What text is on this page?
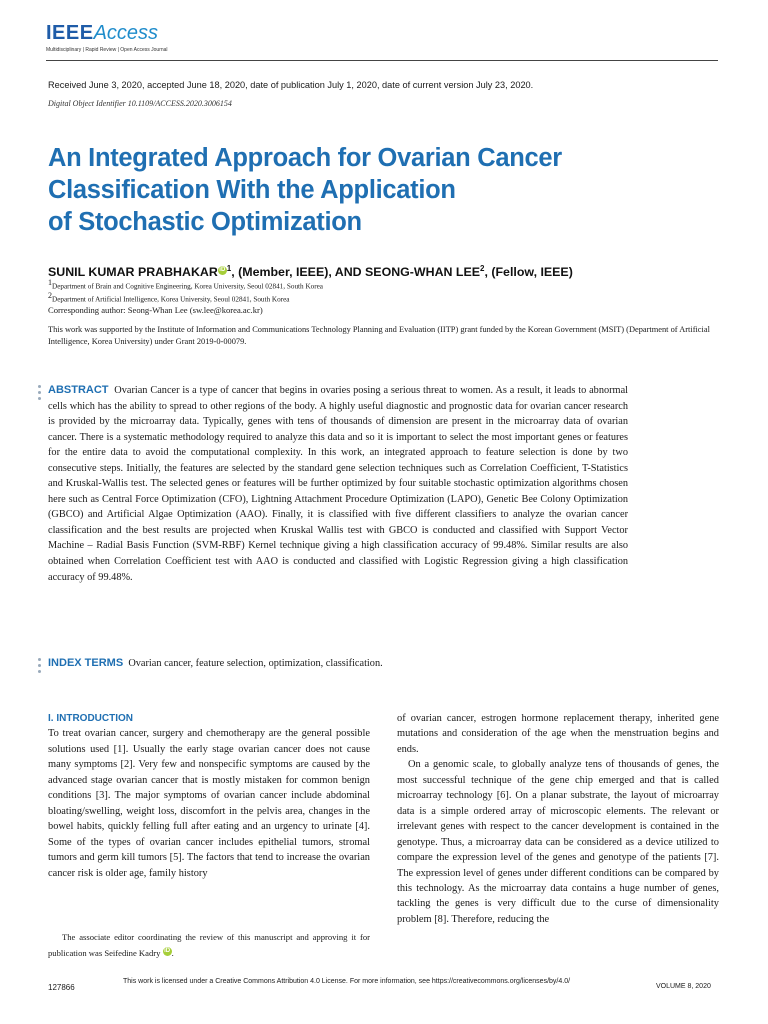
IEEEAccess
Multidisciplinary | Rapid Review | Open Access Journal
Received June 3, 2020, accepted June 18, 2020, date of publication July 1, 2020, date of current version July 23, 2020.
Digital Object Identifier 10.1109/ACCESS.2020.3006154
An Integrated Approach for Ovarian Cancer
Classification With the Application
of Stochastic Optimization
SUNIL KUMAR PRABHAKAR iD $^1$, (Member, IEEE), AND SEONG-WHAN LEE$^2$, (Fellow, IEEE)
$^1$Department of Brain and Cognitive Engineering, Korea University, Seoul 02841, South Korea
$^2$Department of Artificial Intelligence, Korea University, Seoul 02841, South Korea
Corresponding author: Seong-Whan Lee (sw.lee@korea.ac.kr)
This work was supported by the Institute of Information and Communications Technology Planning and Evaluation (IITP) grant funded by the Korean Government (MSIT) (Department of Artificial Intelligence, Korea University) under Grant 2019-0-00079.
ABSTRACT Ovarian Cancer is a type of cancer that begins in ovaries posing a serious threat to women. As a result, it leads to abnormal cells which has the ability to spread to other regions of the body. A highly useful diagnostic and prognostic data for ovarian cancer research is provided by the microarray data. Typically, genes with tens of thousands of dimension are present in the microarray data of ovarian cancer. There is a systematic methodology required to analyze this data and so it is important to select the most important genes or features for the entire data to avoid the computational complexity. In this work, an integrated approach to feature selection is done by two consecutive steps. Initially, the features are selected by the standard gene selection techniques such as Correlation Coefficient, T-Statistics and Kruskal-Wallis test. The selected genes or features will be further optimized by four suitable stochastic optimization algorithms chosen here such as Central Force Optimization (CFO), Lightning Attachment Procedure Optimization (LAPO), Genetic Bee Colony Optimization (GBCO) and Artificial Algae Optimization (AAO). Finally, it is classified with five different classifiers to analyze the ovarian cancer classification and the best results are projected when Kruskal Wallis test with GBCO is conducted and classified with Support Vector Machine – Radial Basis Function (SVM-RBF) Kernel technique giving a high classification accuracy of 99.48%. Similar results are also obtained when Correlation Coefficient test with AAO is conducted and classified with Logistic Regression giving a high classification accuracy of 99.48%.
INDEX TERMS Ovarian cancer, feature selection, optimization, classification.
I. INTRODUCTION
To treat ovarian cancer, surgery and chemotherapy are the general possible solutions used [1]. Usually the early stage ovarian cancer does not cause many symptoms [2]. Very few and nonspecific symptoms are caused by the advanced stage ovarian cancer that is mostly mistaken for common benign conditions [3]. The major symptoms of ovarian cancer include abdominal bloating/swelling, weight loss, discomfort in the pelvis area, changes in the bowel habits, quickly felling full after eating and an urgency to urinate [4]. Some of the types of ovarian cancer includes epithelial tumors, stromal tumors and germ kill tumors [5]. The factors that tend to increase the ovarian cancer risk is older age, family history
The associate editor coordinating the review of this manuscript and approving it for publication was Seifedine Kadry iD .
of ovarian cancer, estrogen hormone replacement therapy, inherited gene mutations and consideration of the age when the menstruation begins and ends.
On a genomic scale, to globally analyze tens of thousands of genes, the most successful technique of the gene chip emerged and that is called microarray technology [6]. On a planar substrate, the layout of microarray data is a simple ordered array of microscopic elements. The relevant or irrelevant genes with respect to the cancer development is contained in the genotype. Thus, a microarray data can be considered as a device utilized to compare the expression level of the genes and genotype of the patients [7]. The expression level of genes under different conditions can be compared by this technology. As the microarray data contains a huge number of genes, tackling the genes is very difficult due to the curse of dimensionality problem [8]. Therefore, reducing the
127866
This work is licensed under a Creative Commons Attribution 4.0 License. For more information, see https://creativecommons.org/licenses/by/4.0/
VOLUME 8, 2020
